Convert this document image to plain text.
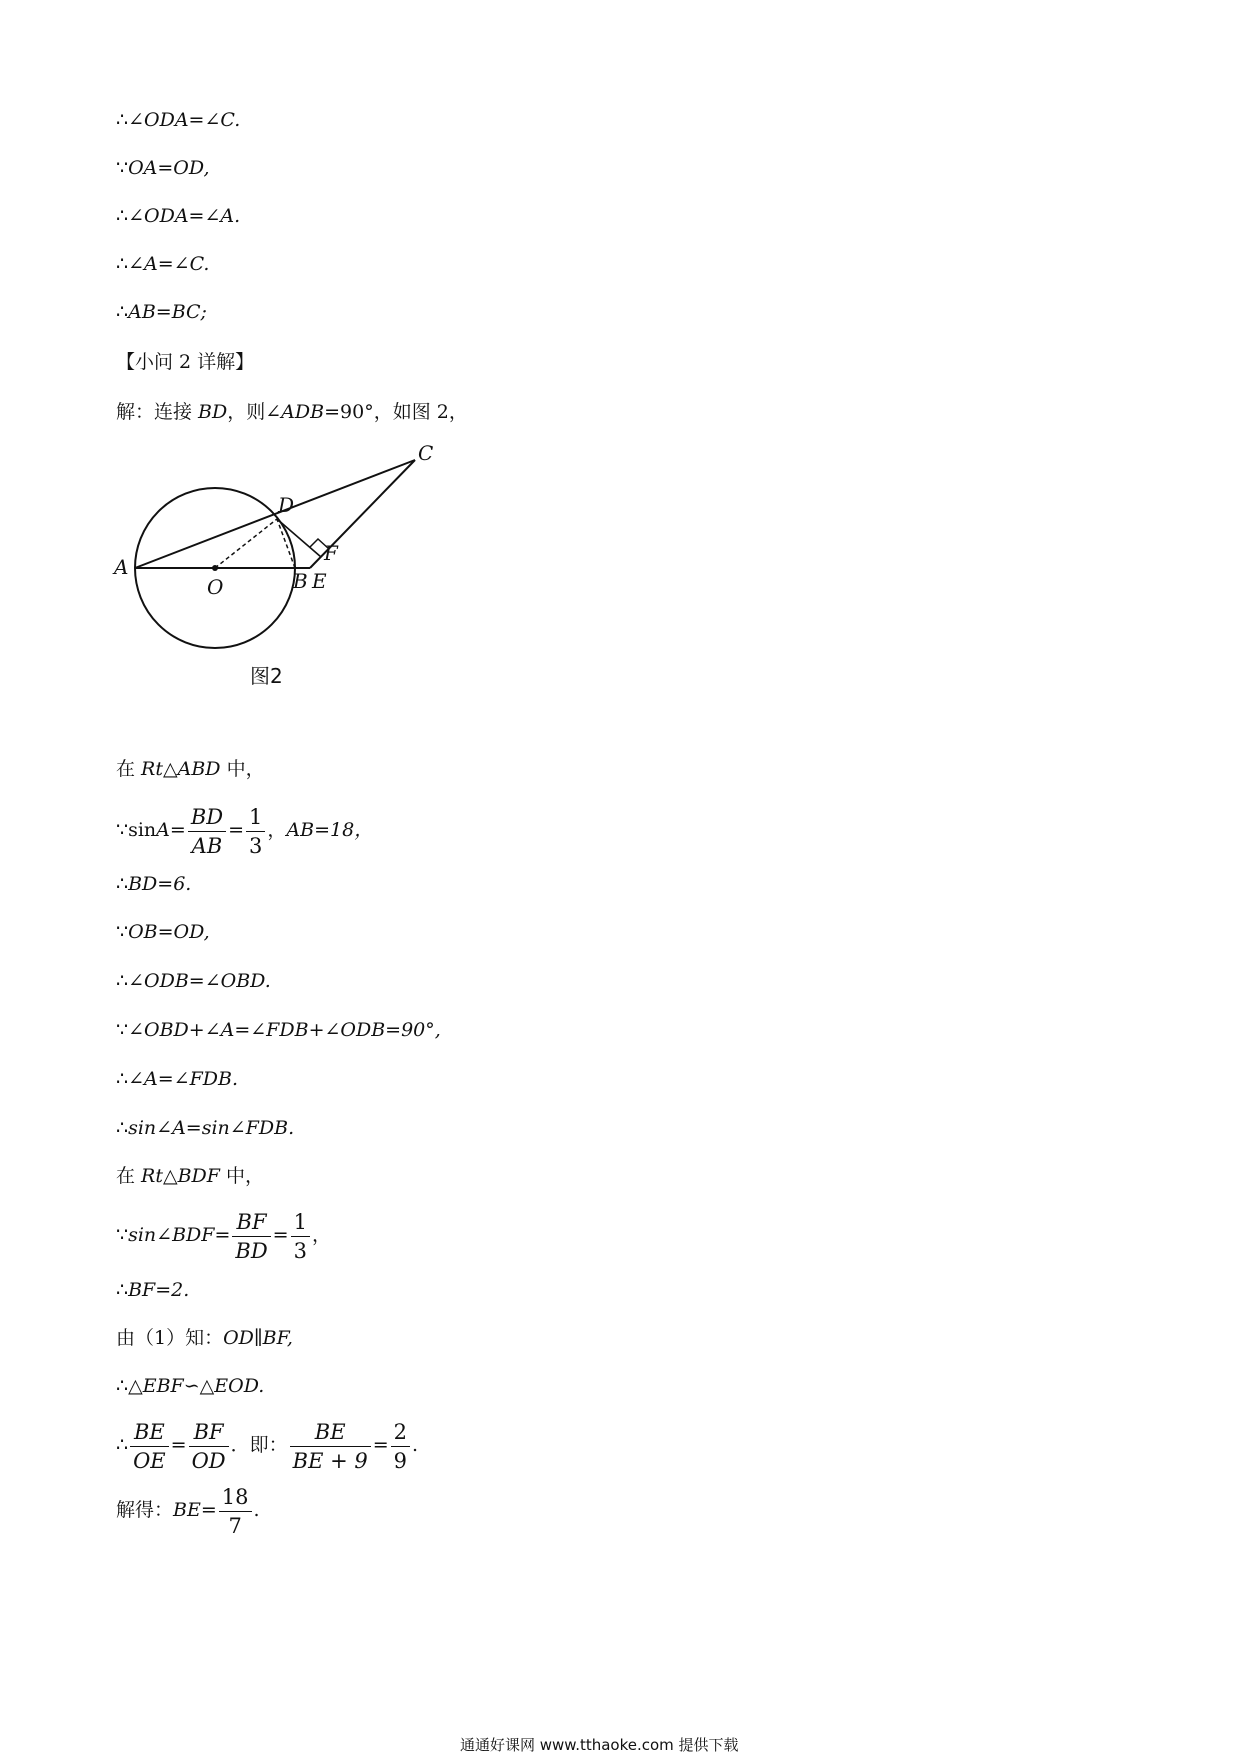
∴∠ODA=∠C.
∵OA=OD,
∴∠ODA=∠A.
∴∠A=∠C.
∴AB=BC;
【小问 2 详解】
解：连接 BD，则∠ADB=90°，如图 2，
A
O	B E
F
D
C
图2
在 Rt△ABD 中，
∵sinA= $\frac{BD}{AB} = \frac{1}{3}$ ，AB=18，
∴BD=6.
∵OB=OD,
∴∠ODB=∠OBD.
∵∠OBD+∠A=∠FDB+∠ODB=90°,
∴∠A=∠FDB.
∴sin∠A=sin∠FDB.
在 Rt△BDF 中，
∵sin∠BDF= $\frac{BF}{BD} = \frac{1}{3}$ ，
∴BF=2.
由（1）知：OD∥BF,
∴△EBF∽△EOD.
∴ $\frac{BE}{OE} = \frac{BF}{OD}$ ．即： $\frac{BE}{BE + 9} = \frac{2}{9}$ .
解得：$BE= \frac{18}{7}$ .
通通好课网 www.tthaoke.com 提供下载
